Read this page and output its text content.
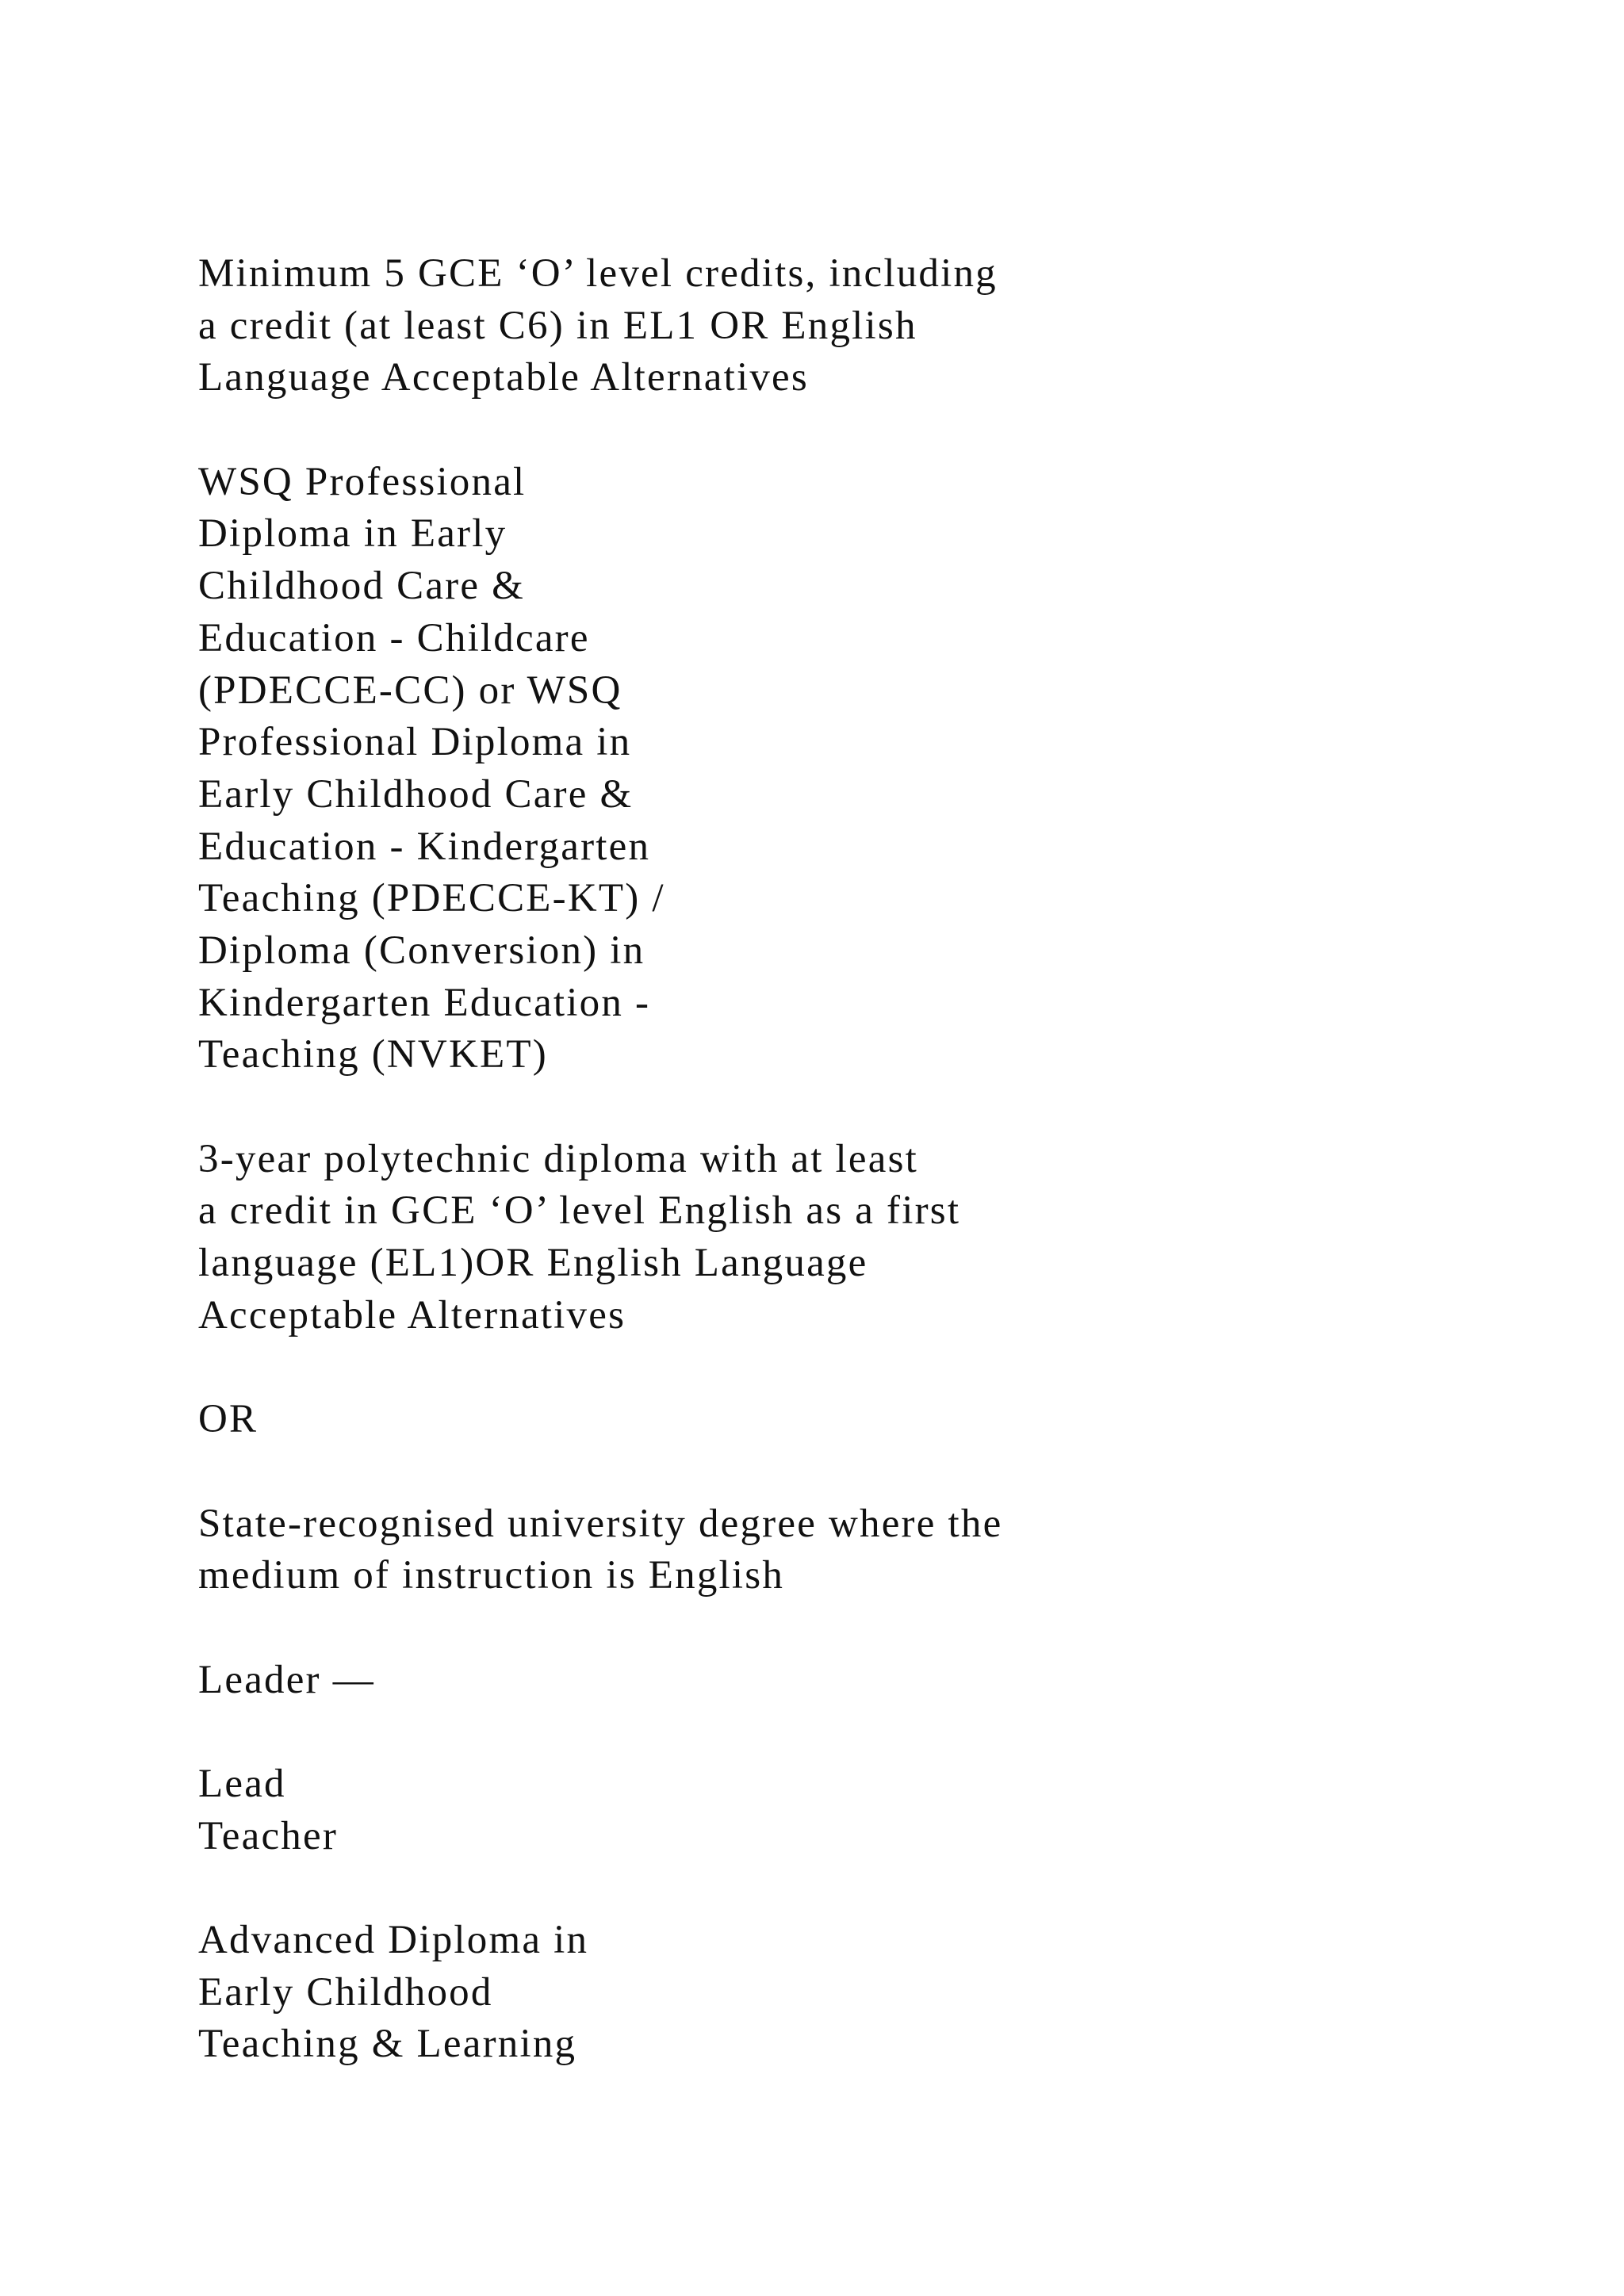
Minimum 5 GCE ‘O’ level credits, including
a credit (at least C6) in EL1 OR English
Language Acceptable Alternatives
WSQ Professional
Diploma in Early
Childhood Care &
Education - Childcare
(PDECCE-CC) or WSQ
Professional Diploma in
Early Childhood Care &
Education - Kindergarten
Teaching (PDECCE-KT) /
Diploma (Conversion) in
Kindergarten Education -
Teaching (NVKET)
3-year polytechnic diploma with at least
a credit in GCE ‘O’ level English as a first
language (EL1)OR English Language
Acceptable Alternatives
OR
State-recognised university degree where the
medium of instruction is English
Leader —
Lead
Teacher
Advanced Diploma in
Early Childhood
Teaching & Learning
